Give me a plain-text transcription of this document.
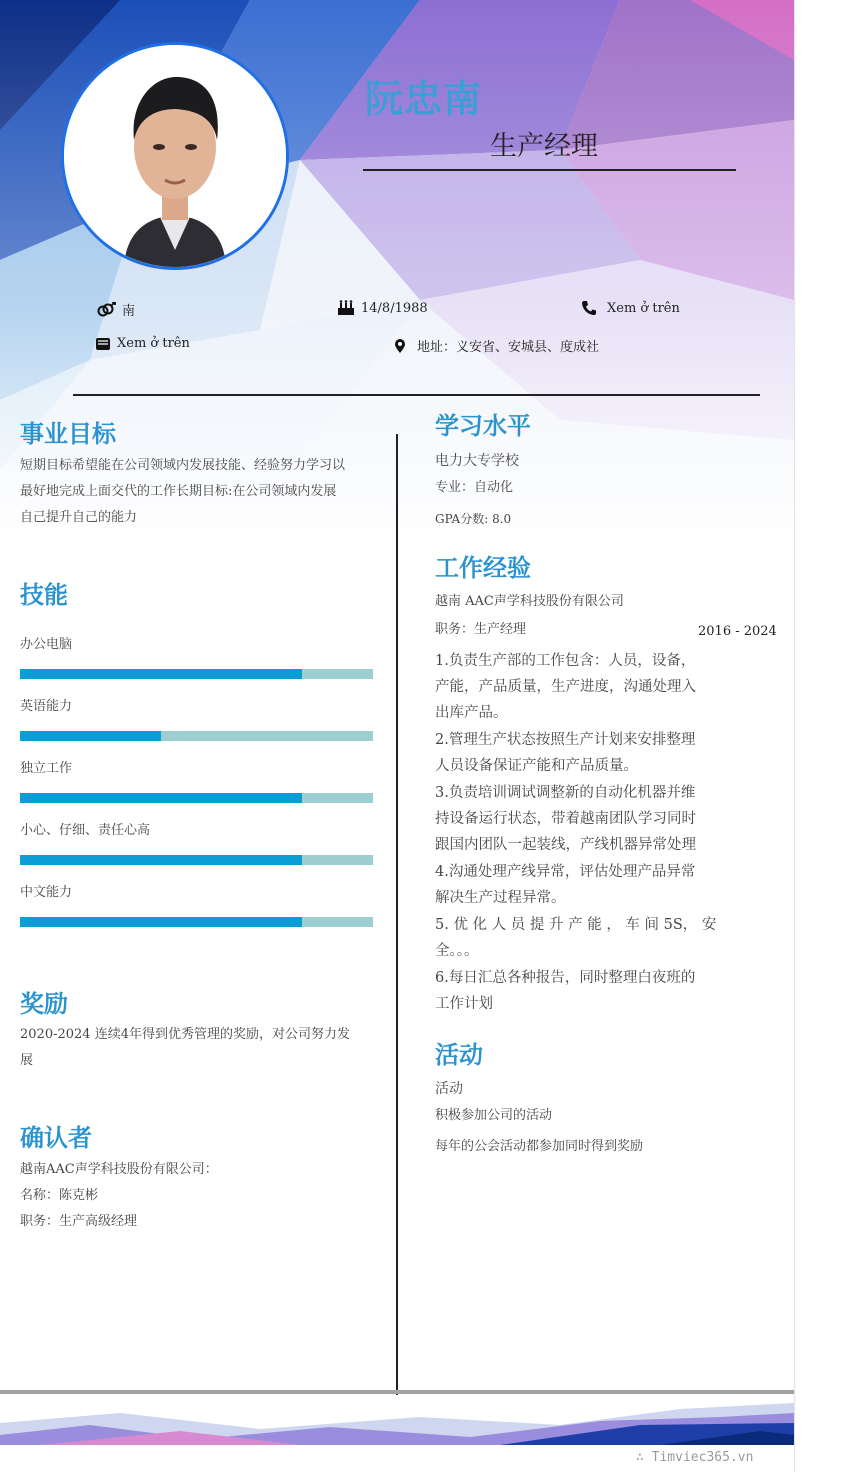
阮忠南
生产经理
南	14/8/1988	Xem ở trên
Xem ở trên	地址：义安省、安城县、度成社
事业目标
短期目标希望能在公司领域内发展技能、经验努力学习以
最好地完成上面交代的工作长期目标:在公司领域内发展
自己提升自己的能力
技能
办公电脑
英语能力
独立工作
小心、仔细、责任心高
中文能力
奖励
2020-2024 连续4年得到优秀管理的奖励，对公司努力发
展
确认者
越南AAC声学科技股份有限公司：
名称：陈克彬
职务：生产高级经理
学习水平
电力大专学校
专业：自动化
GPA分数: 8.0
工作经验
越南 AAC声学科技股份有限公司
职务：生产经理	2016 - 2024
1.负责生产部的工作包含：人员，设备，
产能，产品质量，生产进度，沟通处理入
出库产品。
2.管理生产状态按照生产计划来安排整理
人员设备保证产能和产品质量。
3.负责培训调试调整新的自动化机器并维
持设备运行状态，带着越南团队学习同时
跟国内团队一起装线，产线机器异常处理
4.沟通处理产线异常，评估处理产品异常
解决生产过程异常。
5. 优 化 人 员 提 升 产 能 ， 车 间 5S， 安
全。。。
6.每日汇总各种报告，同时整理白夜班的
工作计划
活动
活动
积极参加公司的活动
每年的公会活动都参加同时得到奖励
∴ Timviec365.vn
